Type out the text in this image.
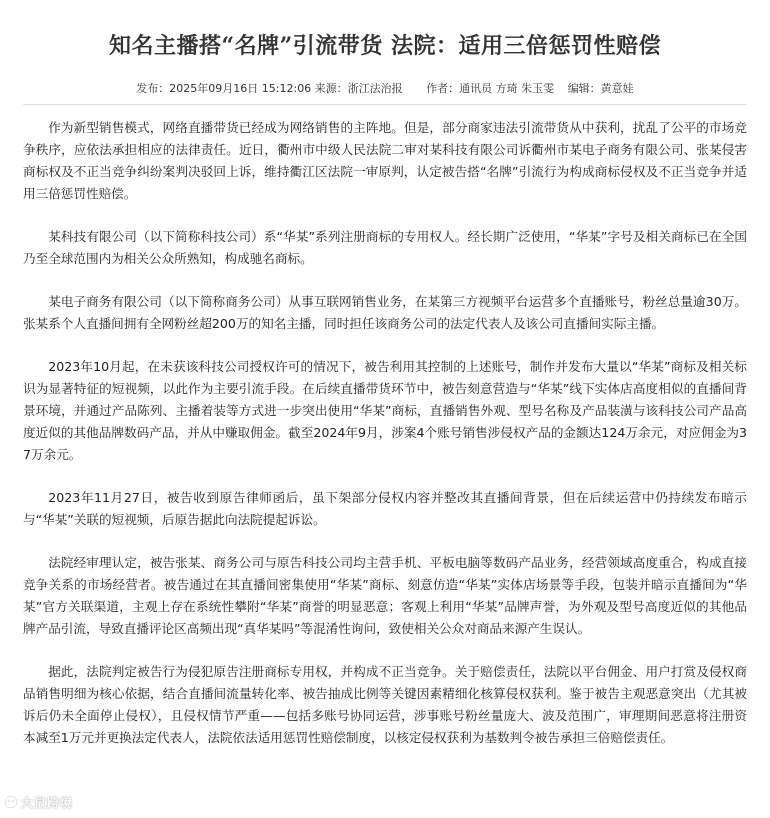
知名主播搭“名牌”引流带货 法院：适用三倍惩罚性赔偿
发布：2025年09月16日 15:12:06 来源：浙江法治报 作者：通讯员 方琦 朱玉雯 编辑：黄意娃

作为新型销售模式，网络直播带货已经成为网络销售的主阵地。但是，部分商家违法引流带货从中获利，扰乱了公平的市场竞争秩序，应依法承担相应的法律责任。近日，衢州市中级人民法院二审对某科技有限公司诉衢州市某电子商务有限公司、张某侵害商标权及不正当竞争纠纷案判决驳回上诉，维持衢江区法院一审原判，认定被告搭“名牌”引流行为构成商标侵权及不正当竞争并适用三倍惩罚性赔偿。

某科技有限公司（以下简称科技公司）系“华某”系列注册商标的专用权人。经长期广泛使用，“华某”字号及相关商标已在全国乃至全球范围内为相关公众所熟知，构成驰名商标。

某电子商务有限公司（以下简称商务公司）从事互联网销售业务，在某第三方视频平台运营多个直播账号，粉丝总量逾30万。张某系个人直播间拥有全网粉丝超200万的知名主播，同时担任该商务公司的法定代表人及该公司直播间实际主播。

2023年10月起，在未获该科技公司授权许可的情况下，被告利用其控制的上述账号，制作并发布大量以“华某”商标及相关标识为显著特征的短视频，以此作为主要引流手段。在后续直播带货环节中，被告刻意营造与“华某”线下实体店高度相似的直播间背景环境，并通过产品陈列、主播着装等方式进一步突出使用“华某”商标，直播销售外观、型号名称及产品装潢与该科技公司产品高度近似的其他品牌数码产品，并从中赚取佣金。截至2024年9月，涉案4个账号销售涉侵权产品的金额达124万余元，对应佣金为37万余元。

2023年11月27日，被告收到原告律师函后，虽下架部分侵权内容并整改其直播间背景，但在后续运营中仍持续发布暗示与“华某”关联的短视频，后原告据此向法院提起诉讼。

法院经审理认定，被告张某、商务公司与原告科技公司均主营手机、平板电脑等数码产品业务，经营领域高度重合，构成直接竞争关系的市场经营者。被告通过在其直播间密集使用“华某”商标、刻意仿造“华某”实体店场景等手段，包装并暗示直播间为“华某”官方关联渠道，主观上存在系统性攀附“华某”商誉的明显恶意；客观上利用“华某”品牌声誉，为外观及型号高度近似的其他品牌产品引流，导致直播评论区高频出现“真华某吗”等混淆性询问，致使相关公众对商品来源产生误认。

据此，法院判定被告行为侵犯原告注册商标专用权，并构成不正当竞争。关于赔偿责任，法院以平台佣金、用户打赏及侵权商品销售明细为核心依据，结合直播间流量转化率、被告抽成比例等关键因素精细化核算侵权获利。鉴于被告主观恶意突出（尤其被诉后仍未全面停止侵权），且侵权情节严重——包括多账号协同运营，涉事账号粉丝量庞大、波及范围广，审理期间恶意将注册资本减至1万元并更换法定代表人，法院依法适用惩罚性赔偿制度，以核定侵权获利为基数判令被告承担三倍赔偿责任。

大鼠跨境
